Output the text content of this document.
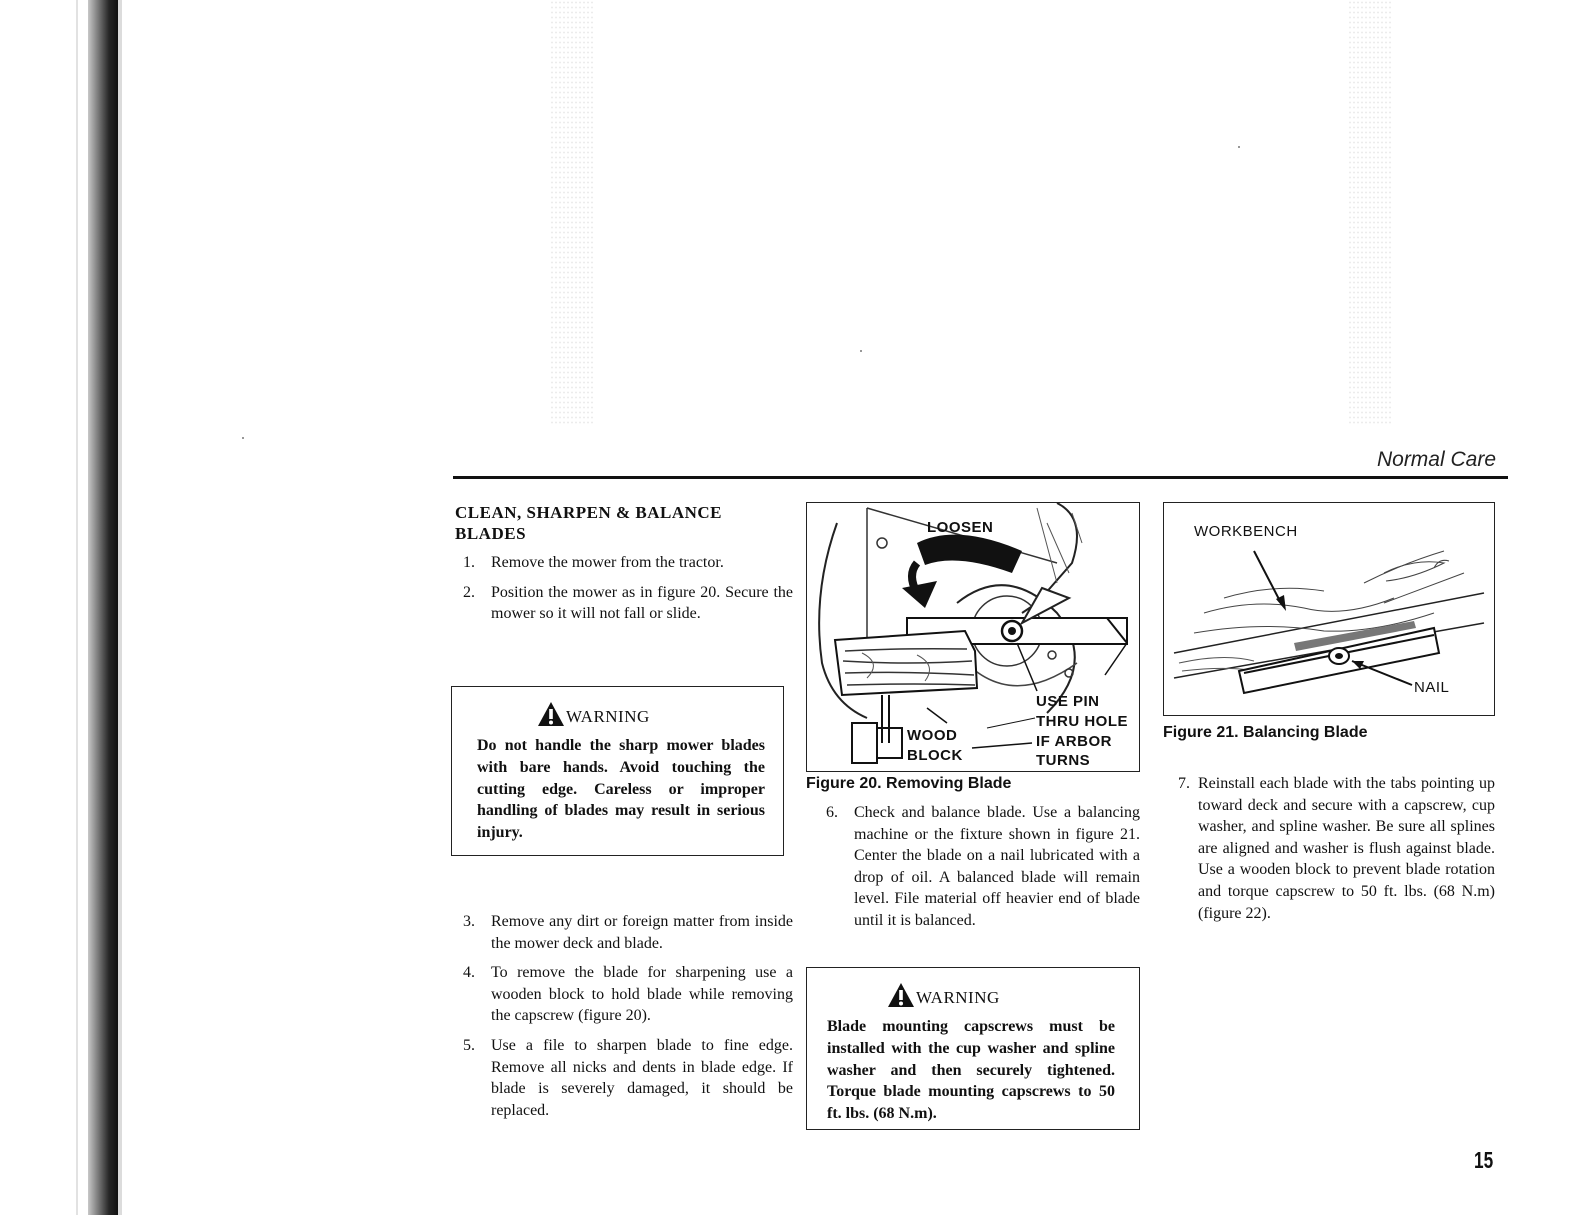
Normal Care
CLEAN, SHARPEN & BALANCE
BLADES
1.	Remove the mower from the tractor.
2.	Position the mower as in figure 20. Secure the mower so it will not fall or slide.
WARNING
Do not handle the sharp mower blades with bare hands. Avoid touching the cutting edge. Careless or improper handling of blades may result in serious injury.
3.	Remove any dirt or foreign matter from inside the mower deck and blade.
4.	To remove the blade for sharpening use a wooden block to hold blade while removing the capscrew (figure 20).
5.	Use a file to sharpen blade to fine edge. Remove all nicks and dents in blade edge. If blade is severely damaged, it should be replaced.
LOOSEN
USE PIN
THRU HOLE
IF ARBOR
TURNS
WOOD
BLOCK
Figure 20. Removing Blade
6.	Check and balance blade. Use a balancing machine or the fixture shown in figure 21. Center the blade on a nail lubricated with a drop of oil. A balanced blade will remain level. File material off heavier end of blade until it is balanced.
WARNING
Blade mounting capscrews must be installed with the cup washer and spline washer and then securely tightened. Torque blade mounting capscrews to 50 ft. lbs. (68 N.m).
WORKBENCH
NAIL
Figure 21. Balancing Blade
7. Reinstall each blade with the tabs pointing up toward deck and secure with a capscrew, cup washer, and spline washer. Be sure all splines are aligned and washer is flush against blade. Use a wooden block to prevent blade rotation and torque capscrew to 50 ft. lbs. (68 N.m) (figure 22).
15
